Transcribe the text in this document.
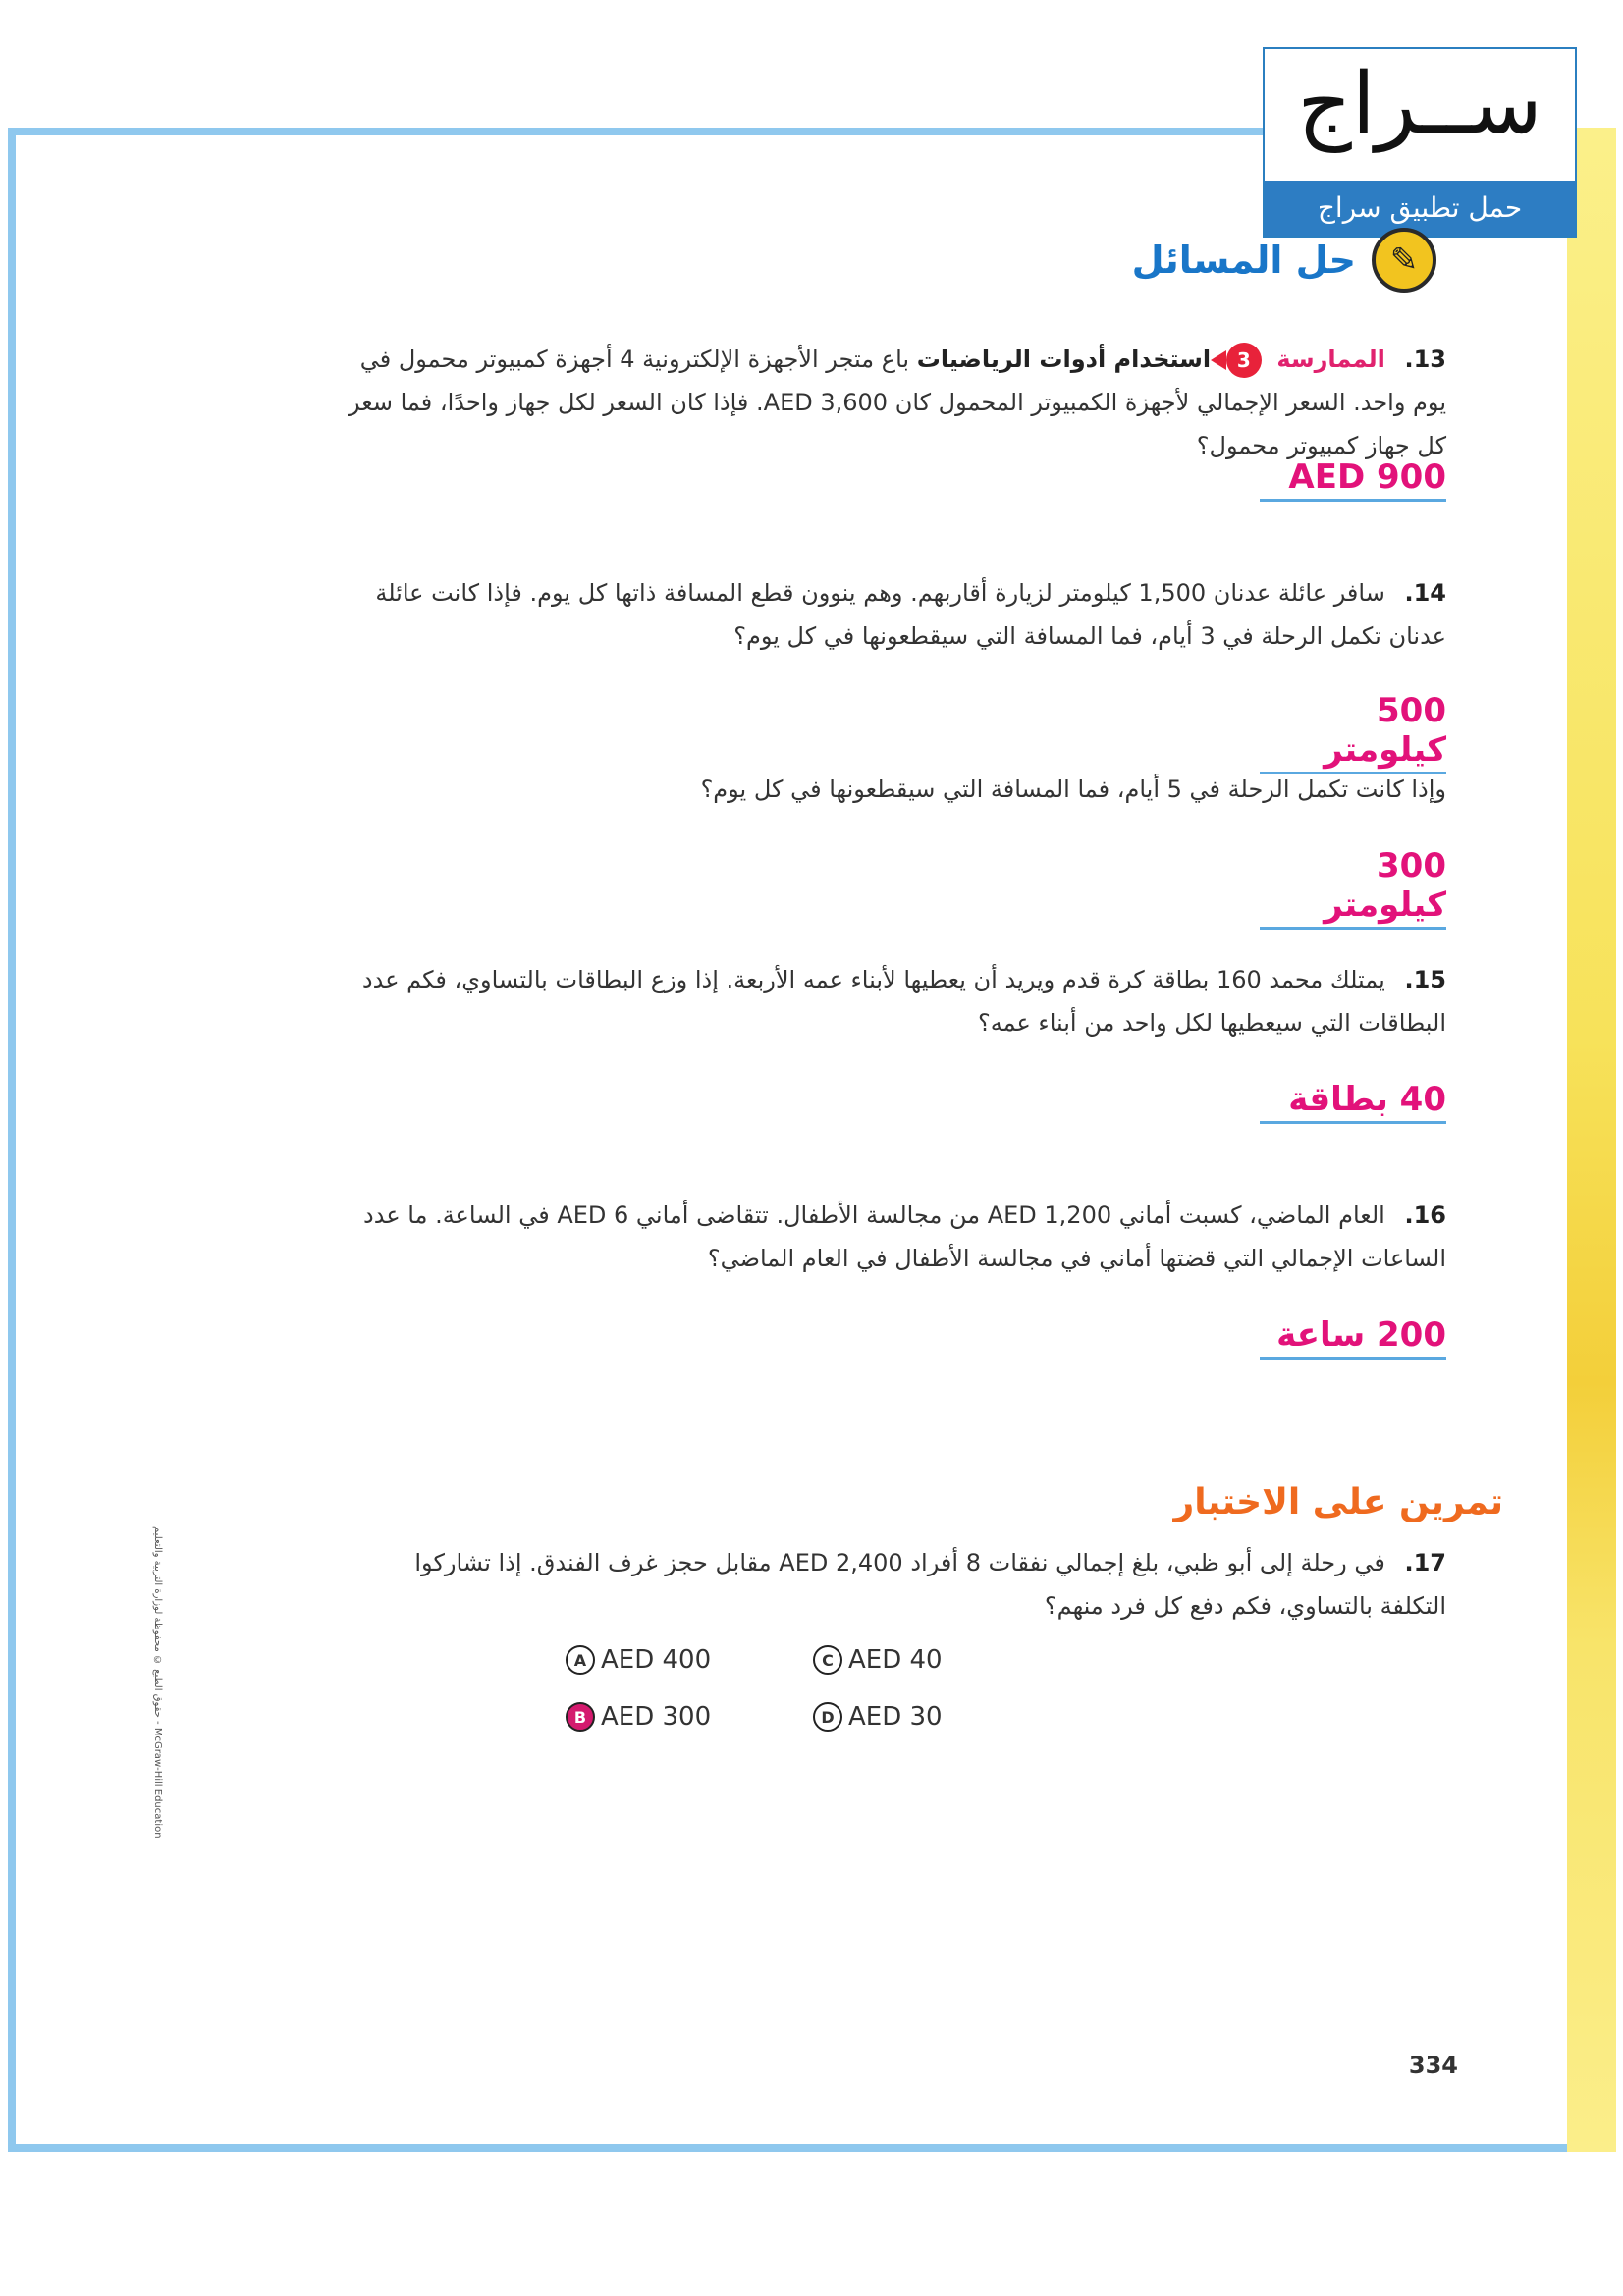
ســراج
حمل تطبيق سراج
✎
حل المسائل
13. الممارسة 3 استخدام أدوات الرياضيات باع متجر الأجهزة الإلكترونية 4 أجهزة كمبيوتر محمول في يوم واحد. السعر الإجمالي لأجهزة الكمبيوتر المحمول كان AED 3,600. فإذا كان السعر لكل جهاز واحدًا، فما سعر كل جهاز كمبيوتر محمول؟
AED 900
14. سافر عائلة عدنان 1,500 كيلومتر لزيارة أقاربهم. وهم ينوون قطع المسافة ذاتها كل يوم. فإذا كانت عائلة عدنان تكمل الرحلة في 3 أيام، فما المسافة التي سيقطعونها في كل يوم؟
500 كيلومتر
وإذا كانت تكمل الرحلة في 5 أيام، فما المسافة التي سيقطعونها في كل يوم؟
300 كيلومتر
15. يمتلك محمد 160 بطاقة كرة قدم ويريد أن يعطيها لأبناء عمه الأربعة. إذا وزع البطاقات بالتساوي، فكم عدد البطاقات التي سيعطيها لكل واحد من أبناء عمه؟
40 بطاقة
16. العام الماضي، كسبت أماني AED 1,200 من مجالسة الأطفال. تتقاضى أماني AED 6 في الساعة. ما عدد الساعات الإجمالي التي قضتها أماني في مجالسة الأطفال في العام الماضي؟
200 ساعة
تمرين على الاختبار
17. في رحلة إلى أبو ظبي، بلغ إجمالي نفقات 8 أفراد AED 2,400 مقابل حجز غرف الفندق. إذا تشاركوا التكلفة بالتساوي، فكم دفع كل فرد منهم؟
A AED 400
B AED 300
C AED 40
D AED 30
حقوق الطبع © محفوظة لوزارة التربية والتعليم - McGraw-Hill Education
334
